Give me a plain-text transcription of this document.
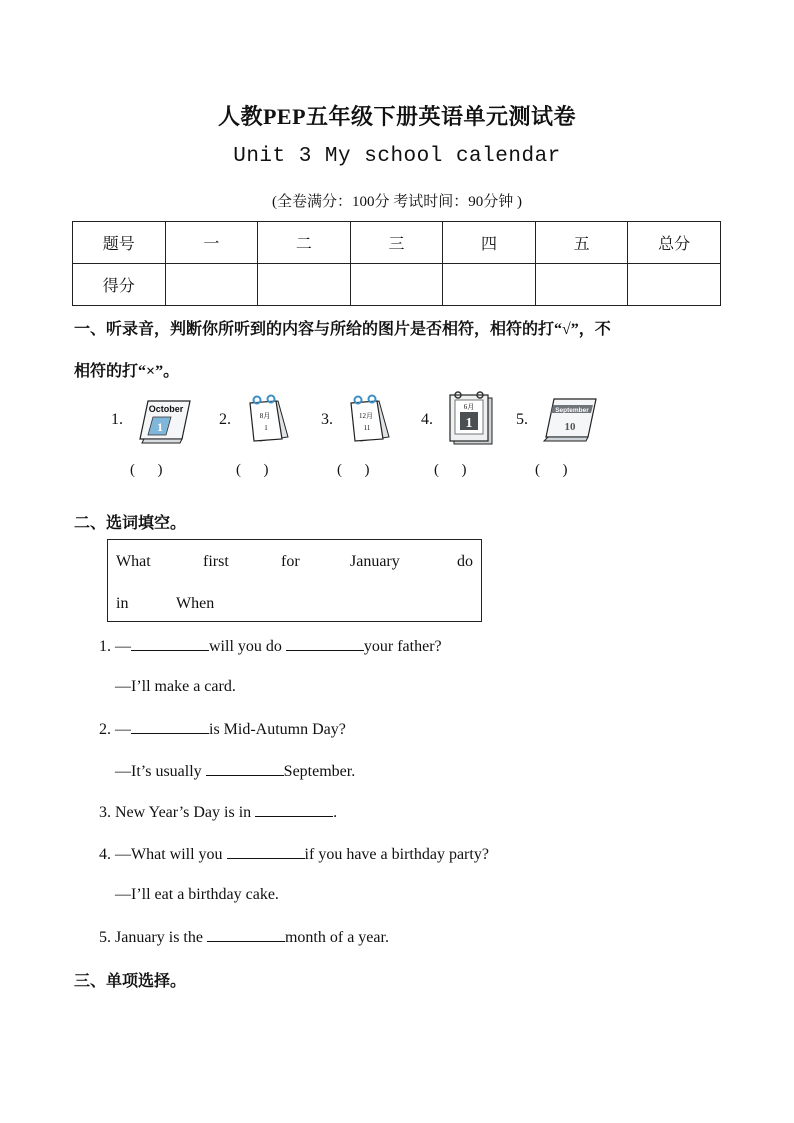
人教PEP五年级下册英语单元测试卷
Unit 3 My school calendar
(全卷满分：100分 考试时间：90分钟 )
题号	一	二	三	四	五	总分
得分						
一、听录音，判断你所听到的内容与所给的图片是否相符，相符的打“√”，不
相符的打“×”。
1.
October
1	2.	8月
1	3.	12月
11	4.
6月
1	5.
September
10
(      )	(      )	(      )	(      )	(      )
二、选词填空。
What	first	for	January	do
in	When
1. —	will you do	your father?
—I’ll make a card.
2. —	is Mid-Autumn Day?
—It’s usually	September.
3. New Year’s Day is in	.
4. —What will you	if you have a birthday party?
—I’ll eat a birthday cake.
5. January is the	month of a year.
三、单项选择。
